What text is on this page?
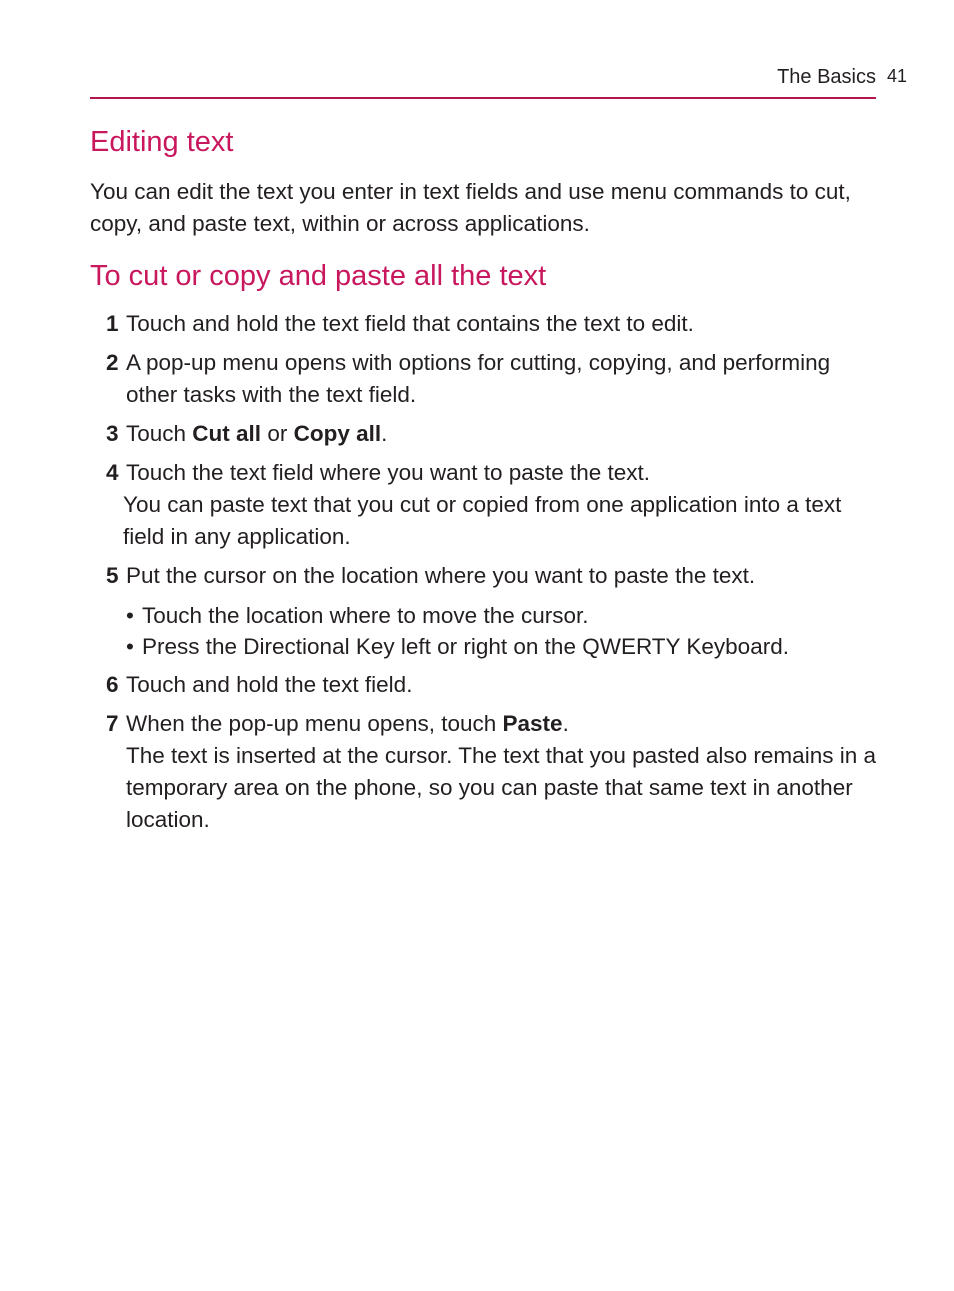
The Basics 41
Editing text

You can edit the text you enter in text fields and use menu commands to cut, copy, and paste text, within or across applications.

To cut or copy and paste all the text
1 Touch and hold the text field that contains the text to edit.
2 A pop-up menu opens with options for cutting, copying, and performing other tasks with the text field.
3 Touch Cut all or Copy all.
4 Touch the text field where you want to paste the text.
You can paste text that you cut or copied from one application into a text field in any application.
5 Put the cursor on the location where you want to paste the text.
• Touch the location where to move the cursor.
• Press the Directional Key left or right on the QWERTY Keyboard.
6 Touch and hold the text field.
7 When the pop-up menu opens, touch Paste.
The text is inserted at the cursor. The text that you pasted also remains in a temporary area on the phone, so you can paste that same text in another location.
